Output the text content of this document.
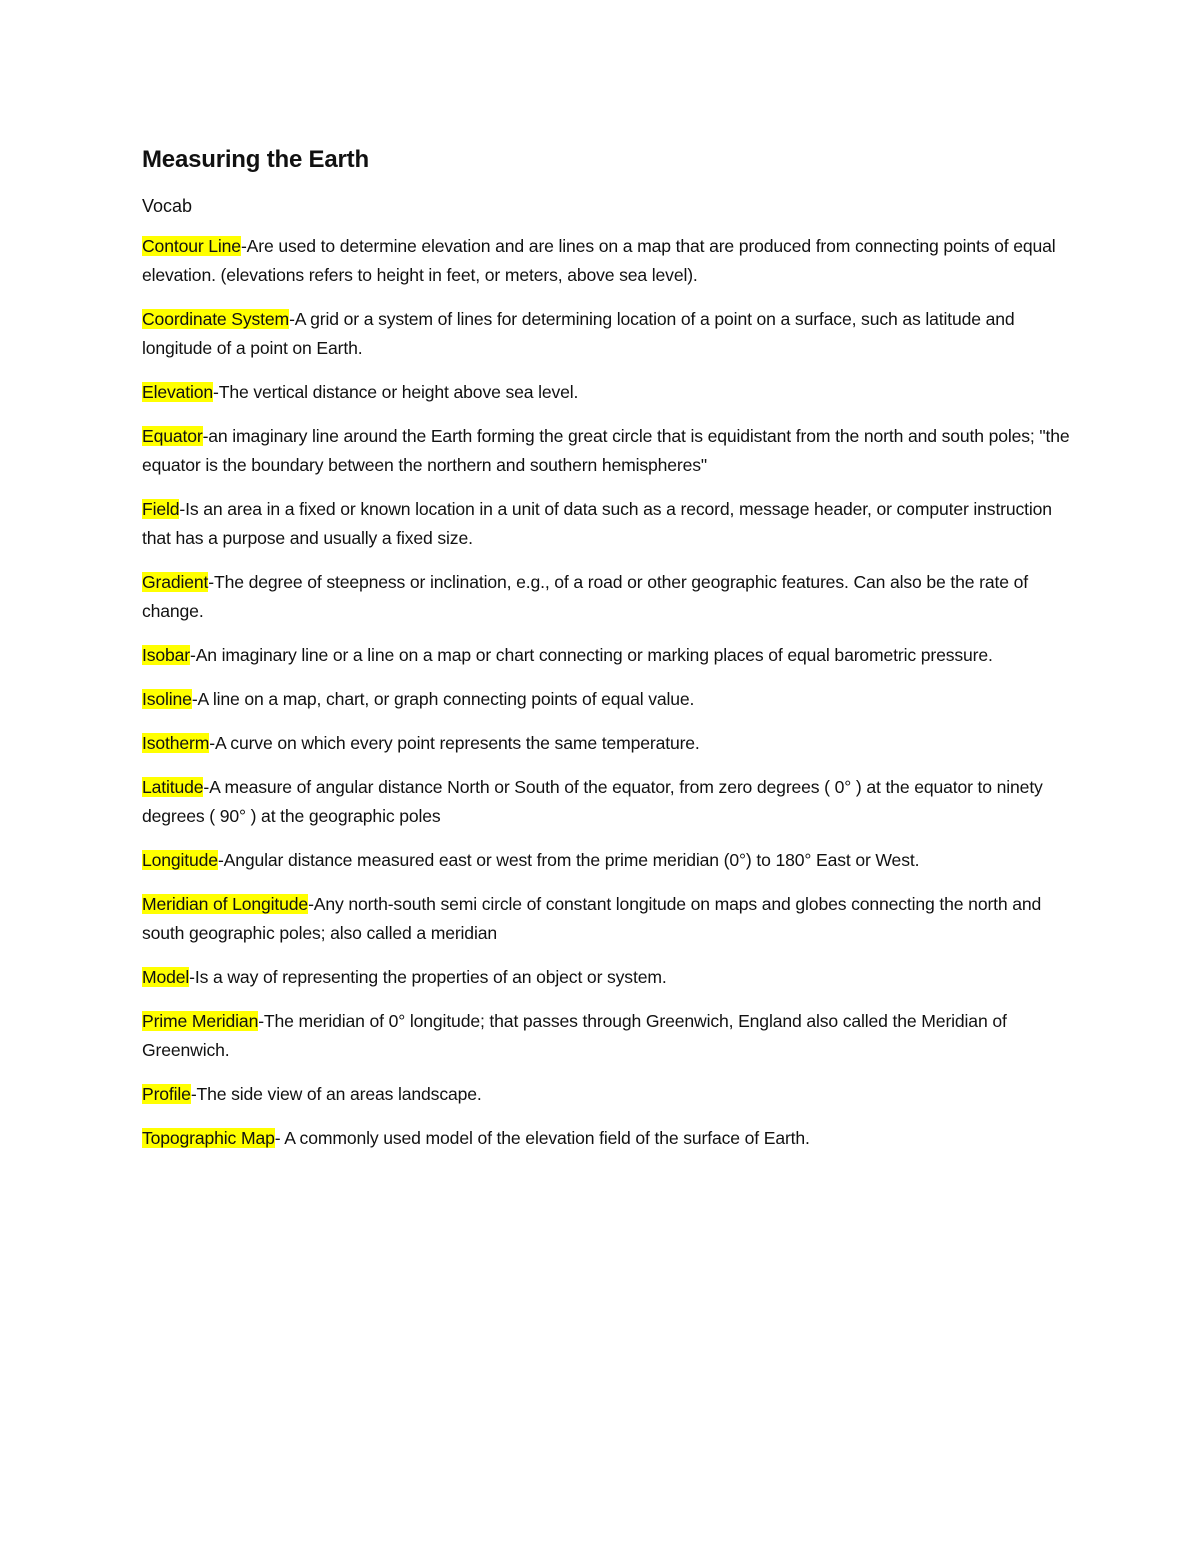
Measuring the Earth

Vocab

Contour Line-Are used to determine elevation and are lines on a map that are produced from connecting points of equal elevation. (elevations refers to height in feet, or meters, above sea level).

Coordinate System-A grid or a system of lines for determining location of a point on a surface, such as latitude and longitude of a point on Earth.

Elevation-The vertical distance or height above sea level.

Equator-an imaginary line around the Earth forming the great circle that is equidistant from the north and south poles; "the equator is the boundary between the northern and southern hemispheres"

Field-Is an area in a fixed or known location in a unit of data such as a record, message header, or computer instruction that has a purpose and usually a fixed size.

Gradient-The degree of steepness or inclination, e.g., of a road or other geographic features. Can also be the rate of change.

Isobar-An imaginary line or a line on a map or chart connecting or marking places of equal barometric pressure.

Isoline-A line on a map, chart, or graph connecting points of equal value.

Isotherm-A curve on which every point represents the same temperature.

Latitude-A measure of angular distance North or South of the equator, from zero degrees ( 0° ) at the equator to ninety degrees ( 90° ) at the geographic poles

Longitude-Angular distance measured east or west from the prime meridian (0°) to 180° East or West.

Meridian of Longitude-Any north-south semi circle of constant longitude on maps and globes connecting the north and south geographic poles; also called a meridian

Model-Is a way of representing the properties of an object or system.

Prime Meridian-The meridian of 0° longitude; that passes through Greenwich, England also called the Meridian of Greenwich.

Profile-The side view of an areas landscape.

Topographic Map- A commonly used model of the elevation field of the surface of Earth.
